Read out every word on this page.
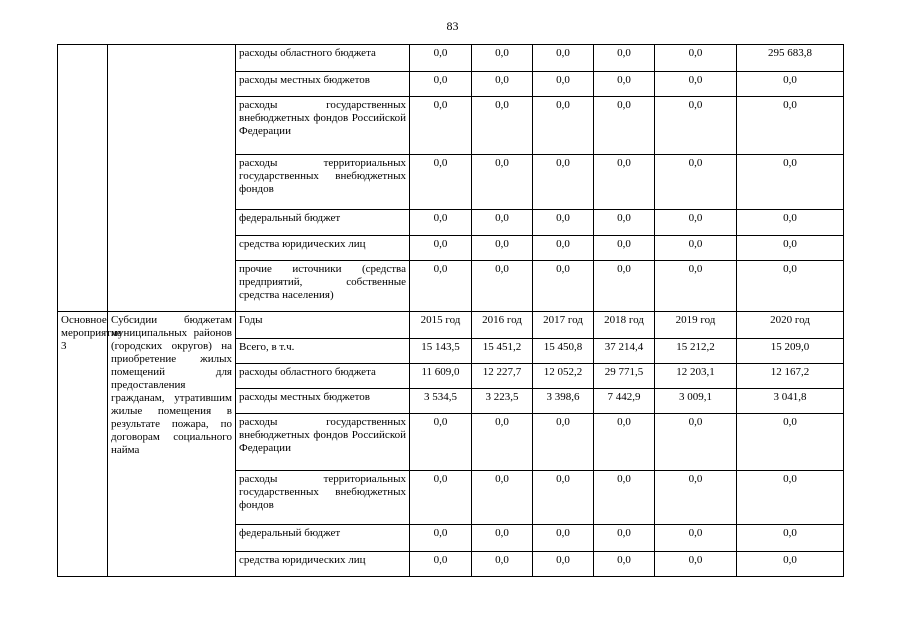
83
		расходы областного бюджета	0,0	0,0	0,0	0,0	0,0	295 683,8
		расходы местных бюджетов	0,0	0,0	0,0	0,0	0,0	0,0
		расходы государственных внебюджетных фондов Российской Федерации	0,0	0,0	0,0	0,0	0,0	0,0
		расходы территориальных государственных внебюджетных фондов	0,0	0,0	0,0	0,0	0,0	0,0
		федеральный бюджет	0,0	0,0	0,0	0,0	0,0	0,0
		средства юридических лиц	0,0	0,0	0,0	0,0	0,0	0,0
		прочие источники (средства предприятий, собственные средства населения)	0,0	0,0	0,0	0,0	0,0	0,0
Основное мероприятие 3	Субсидии бюджетам муниципальных районов (городских округов) на приобретение жилых помещений для предоставления гражданам, утратившим жилые помещения в результате пожара, по договорам социального найма	Годы	2015 год	2016 год	2017 год	2018 год	2019 год	2020 год
		Всего, в т.ч.	15 143,5	15 451,2	15 450,8	37 214,4	15 212,2	15 209,0
		расходы областного бюджета	11 609,0	12 227,7	12 052,2	29 771,5	12 203,1	12 167,2
		расходы местных бюджетов	3 534,5	3 223,5	3 398,6	7 442,9	3 009,1	3 041,8
		расходы государственных внебюджетных фондов Российской Федерации	0,0	0,0	0,0	0,0	0,0	0,0
		расходы территориальных государственных внебюджетных фондов	0,0	0,0	0,0	0,0	0,0	0,0
		федеральный бюджет	0,0	0,0	0,0	0,0	0,0	0,0
		средства юридических лиц	0,0	0,0	0,0	0,0	0,0	0,0
